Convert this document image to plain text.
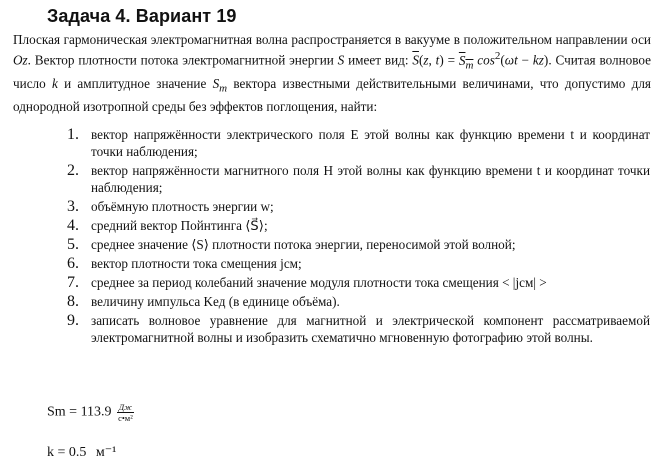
Задача 4. Вариант 19
Плоская гармоническая электромагнитная волна распространяется в вакууме в положительном направлении оси Oz. Вектор плотности потока электромагнитной энергии S имеет вид: $\overline{S}(z$, $t) = S_m$ $\cos^2(\omega t - kz)$. Считая волновое число k и амплитудное значение $S_m$ вектора известными действительными величинами, что допустимо для однородной изотропной среды без эффектов поглощения, найти:
1. вектор напряжённости электрического поля E этой волны как функцию времени t и координат точки наблюдения;
2. вектор напряжённости магнитного поля H этой волны как функцию времени t и координат точки наблюдения;
3. объёмную плотность энергии w;
4. средний вектор Пойнтинга ⟨S⃗⟩;
5. среднее значение ⟨S⟩ плотности потока энергии, переносимой этой волной;
6. вектор плотности тока смещения jсм;
7. среднее за период колебаний значение модуля плотности тока смещения < |jсм| >
8. величину импульса Kед (в единице объёма).
9. записать волновое уравнение для магнитной и электрической компонент рассматриваемой электромагнитной волны и изобразить схематично мгновенную фотографию этой волны.
$Sm = 113.9 \frac{Дж}{\text{с•м²}}$
k = 0.5 м⁻¹
